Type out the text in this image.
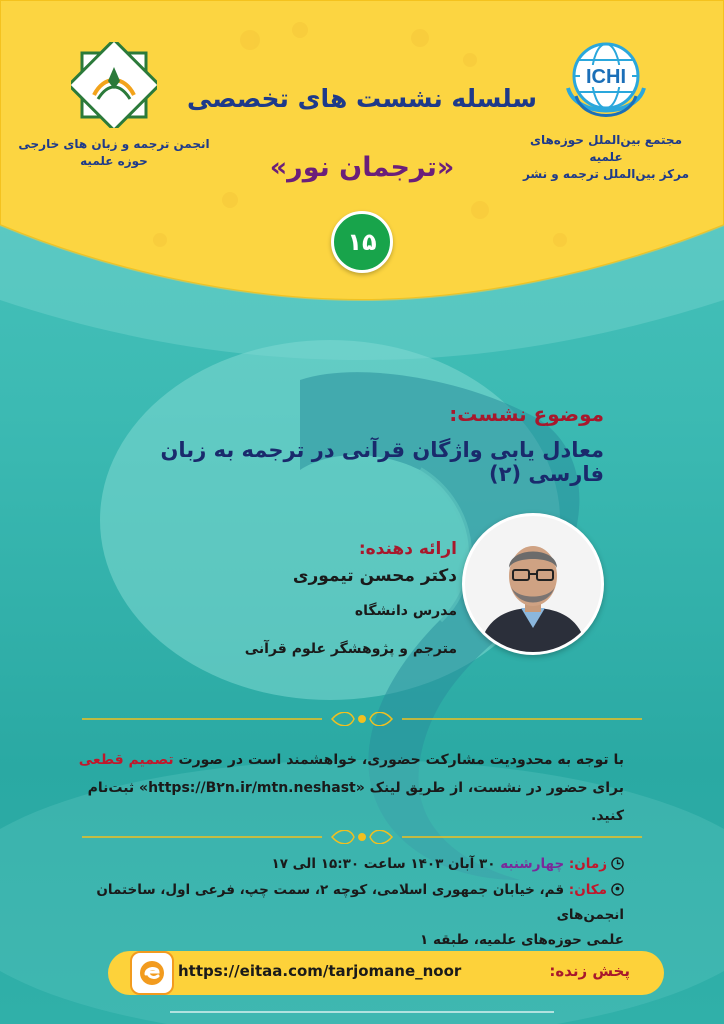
انجمن ترجمه و زبان های خارجی
حوزه علمیه
ICHI
مجتمع بین‌الملل حوزه‌های علمیه
مرکز بین‌الملل ترجمه و نشر
سلسله نشست های تخصصی
«ترجمان نور»
۱۵
موضوع نشست:
معادل یابی واژگان قرآنی در ترجمه به زبان فارسی (۲)
ارائه دهنده:
دکتر محسن تیموری
مدرس دانشگاه
مترجم و پژوهشگر علوم قرآنی
با توجه به محدودیت مشارکت حضوری، خواهشمند است در صورت تصمیم قطعی برای حضور در نشست، از طریق لینک «https://B٢n.ir/mtn.neshast» ثبت‌نام کنید.
زمان: چهارشنبه ۳۰ آبان ۱۴۰۳ ساعت ۱۵:۳۰ الی ۱۷
مکان: قم، خیابان جمهوری اسلامی، کوچه ۲، سمت چپ، فرعی اول، ساختمان انجمن‌های
علمی حوزه‌های علمیه، طبقه ۱
https://eitaa.com/tarjomane_noor	پخش زنده:
